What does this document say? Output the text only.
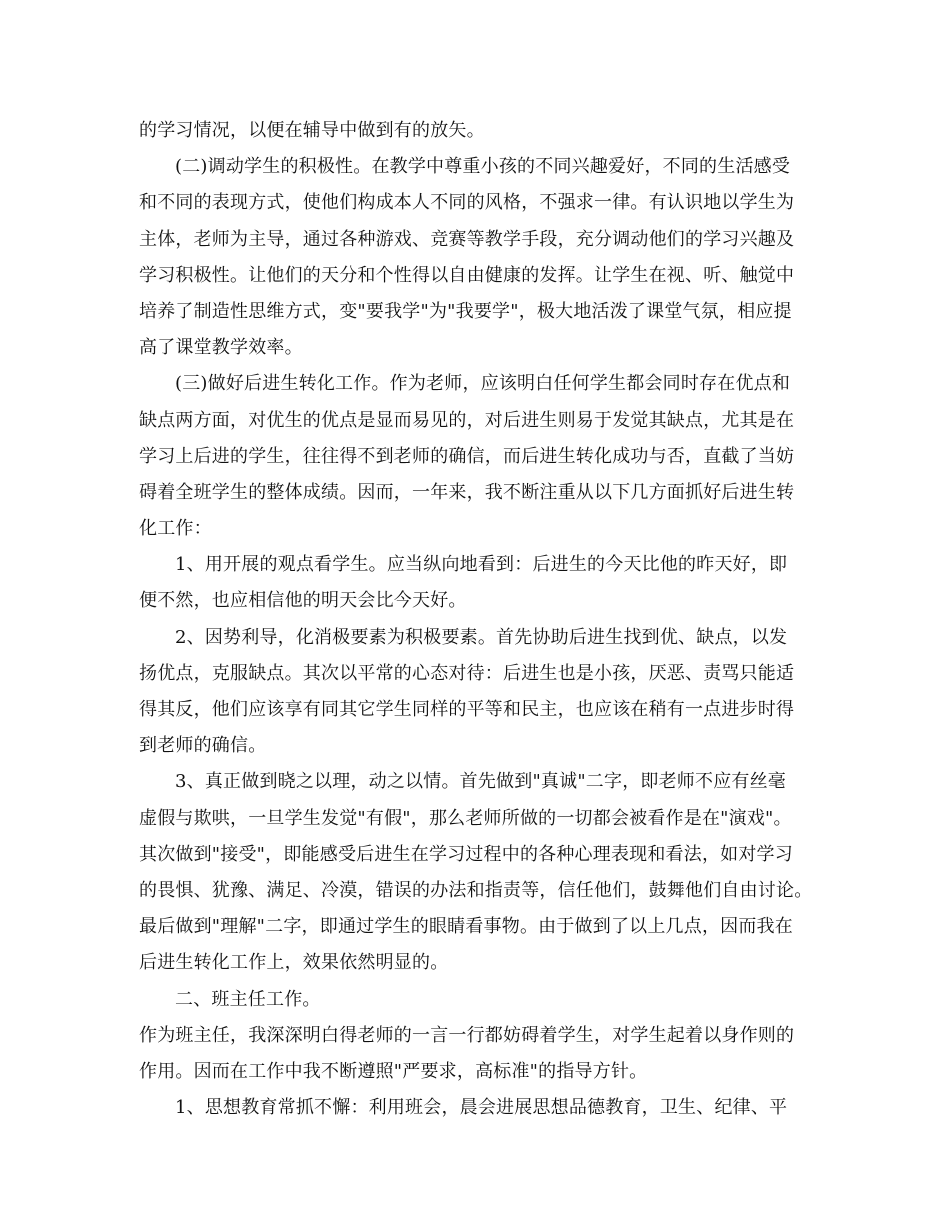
的学习情况，以便在辅导中做到有的放矢。
(二)调动学生的积极性。在教学中尊重小孩的不同兴趣爱好，不同的生活感受
和不同的表现方式，使他们构成本人不同的风格，不强求一律。有认识地以学生为
主体，老师为主导，通过各种游戏、竞赛等教学手段，充分调动他们的学习兴趣及
学习积极性。让他们的天分和个性得以自由健康的发挥。让学生在视、听、触觉中
培养了制造性思维方式，变"要我学"为"我要学"，极大地活泼了课堂气氛，相应提
高了课堂教学效率。
(三)做好后进生转化工作。作为老师，应该明白任何学生都会同时存在优点和
缺点两方面，对优生的优点是显而易见的，对后进生则易于发觉其缺点，尤其是在
学习上后进的学生，往往得不到老师的确信，而后进生转化成功与否，直截了当妨
碍着全班学生的整体成绩。因而，一年来，我不断注重从以下几方面抓好后进生转
化工作：
1、用开展的观点看学生。应当纵向地看到：后进生的今天比他的昨天好，即
便不然，也应相信他的明天会比今天好。
2、因势利导，化消极要素为积极要素。首先协助后进生找到优、缺点，以发
扬优点，克服缺点。其次以平常的心态对待：后进生也是小孩，厌恶、责骂只能适
得其反，他们应该享有同其它学生同样的平等和民主，也应该在稍有一点进步时得
到老师的确信。
3、真正做到晓之以理，动之以情。首先做到"真诚"二字，即老师不应有丝毫
虚假与欺哄，一旦学生发觉"有假"，那么老师所做的一切都会被看作是在"演戏"。
其次做到"接受"，即能感受后进生在学习过程中的各种心理表现和看法，如对学习
的畏惧、犹豫、满足、冷漠，错误的办法和指责等，信任他们，鼓舞他们自由讨论。
最后做到"理解"二字，即通过学生的眼睛看事物。由于做到了以上几点，因而我在
后进生转化工作上，效果依然明显的。
二、班主任工作。
作为班主任，我深深明白得老师的一言一行都妨碍着学生，对学生起着以身作则的
作用。因而在工作中我不断遵照"严要求，高标准"的指导方针。
1、思想教育常抓不懈：利用班会，晨会进展思想品德教育，卫生、纪律、平
